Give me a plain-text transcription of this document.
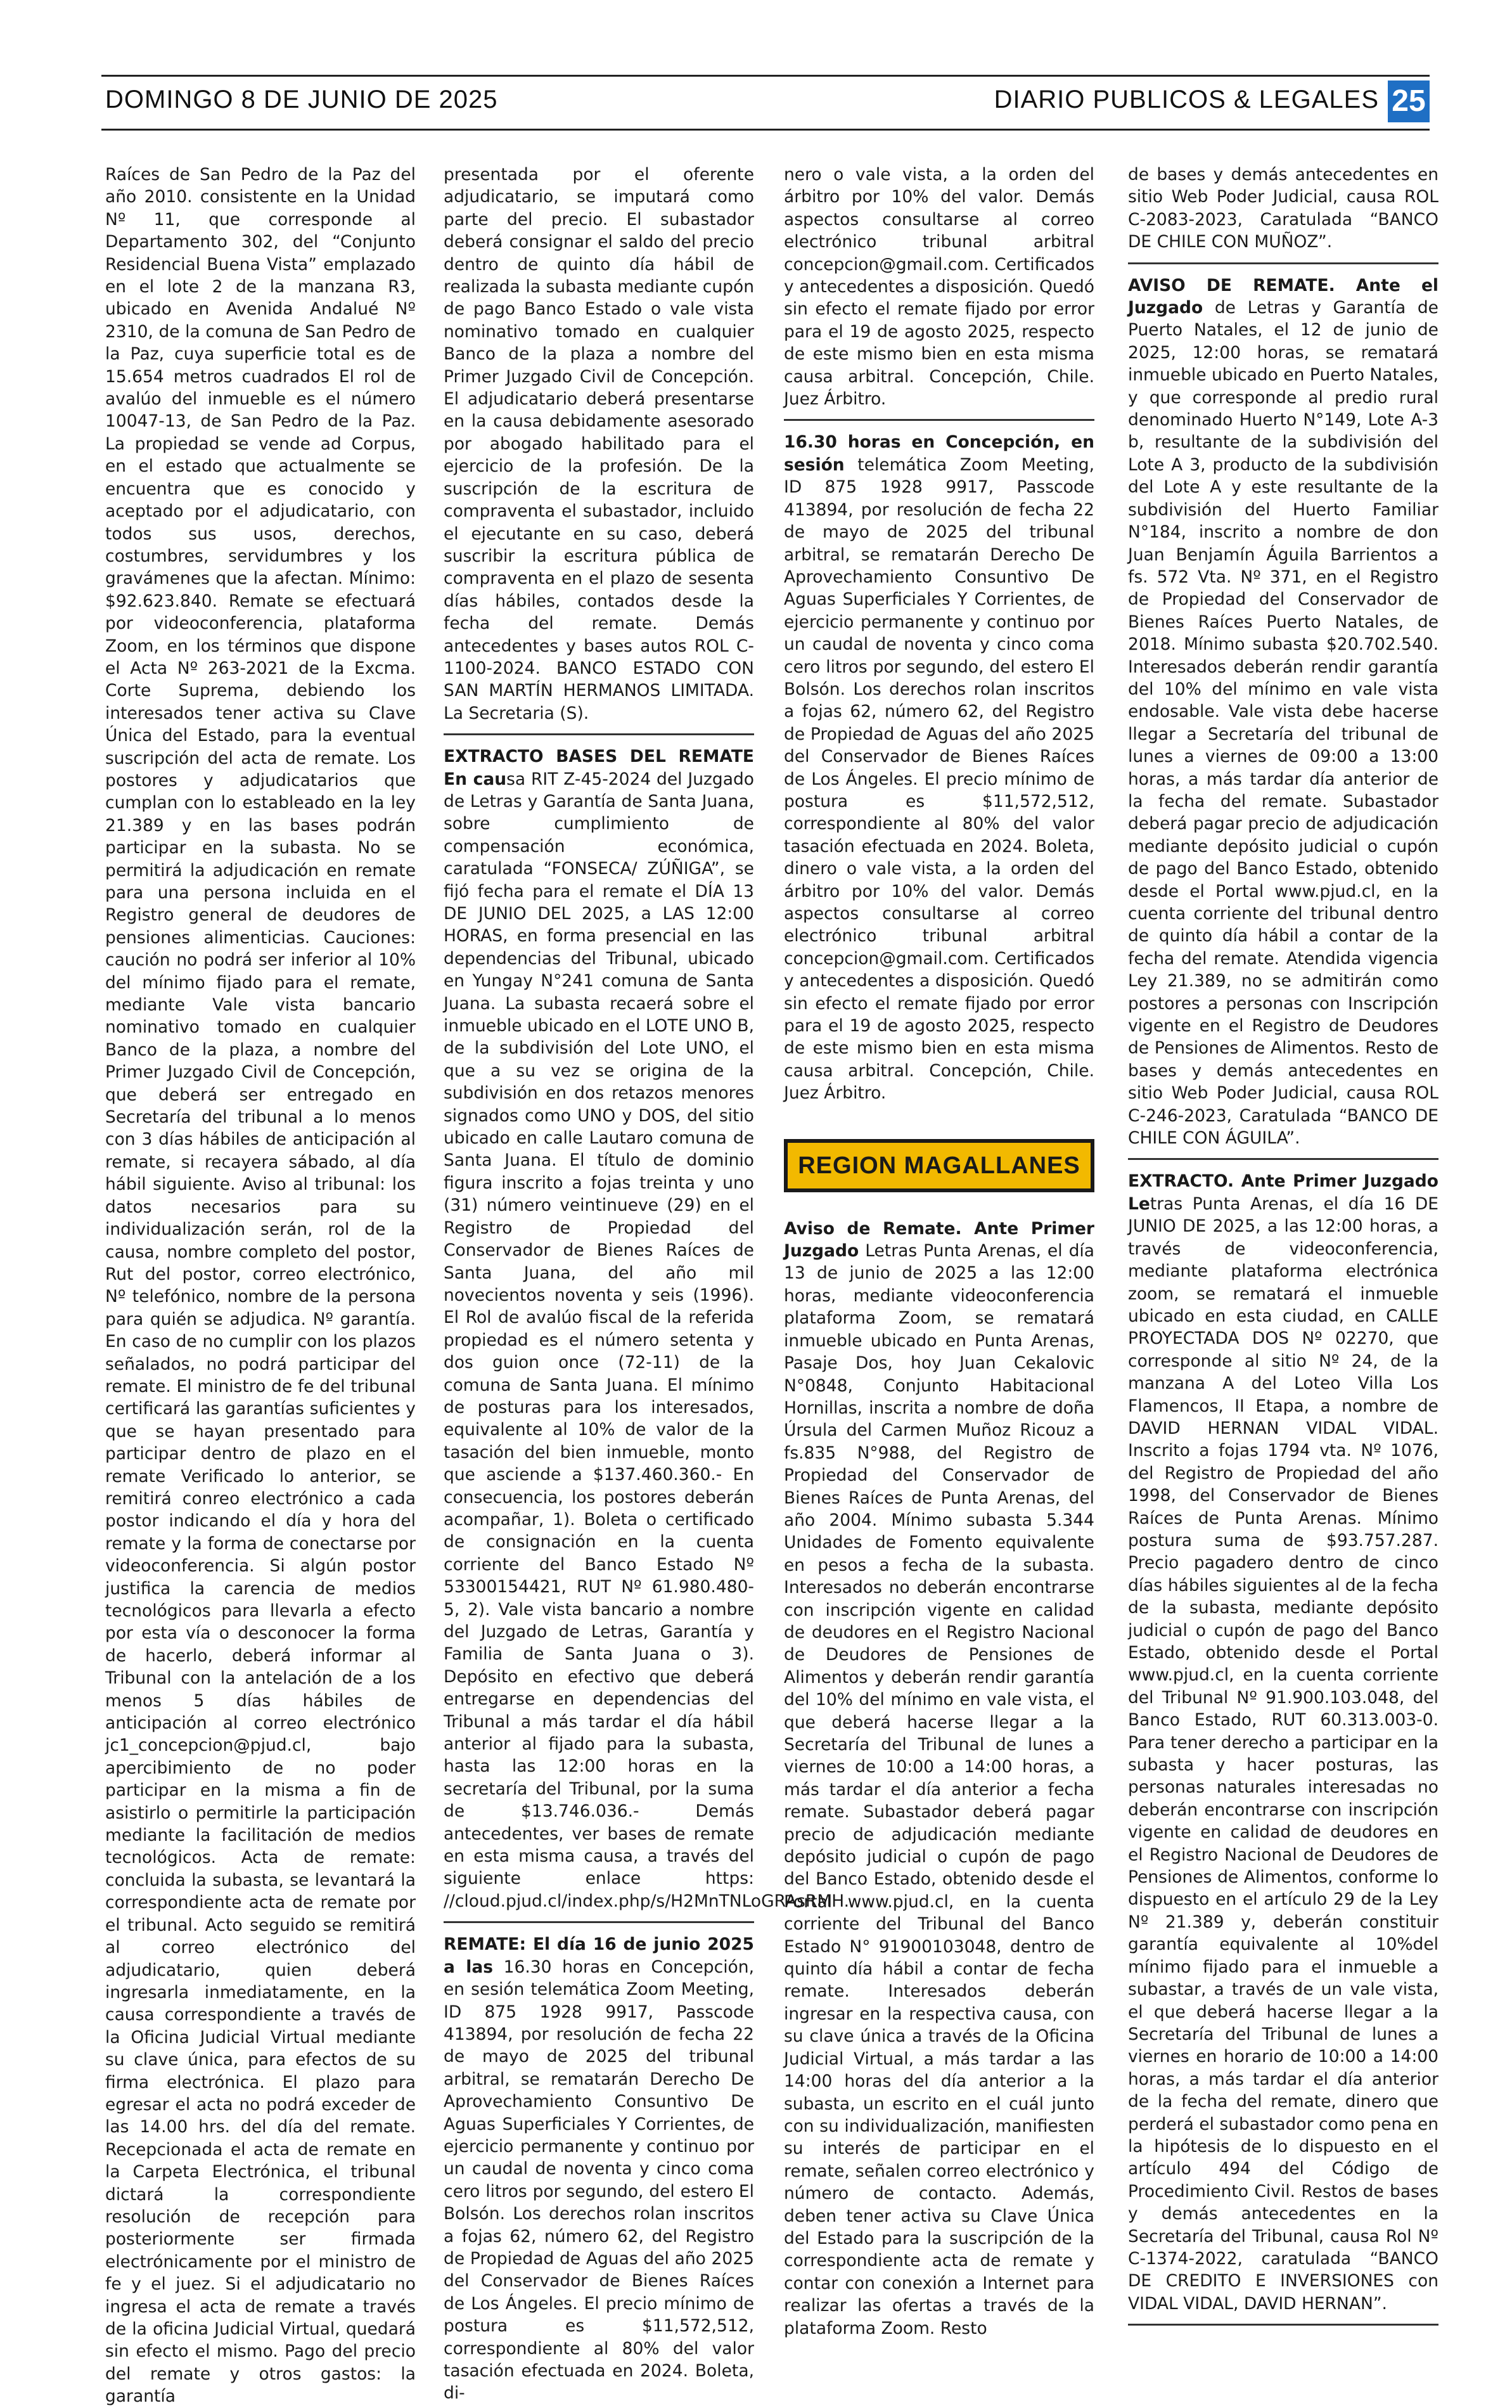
DOMINGO 8 DE JUNIO DE 2025	DIARIO PUBLICOS & LEGALES 25

Raíces de San Pedro de la Paz del año 2010. consistente en la Unidad Nº 11, que corresponde al Departamento 302, del “Conjunto Residencial Buena Vista” emplazado en el lote 2 de la manzana R3, ubicado en Avenida Andalué Nº 2310, de la comuna de San Pedro de la Paz, cuya superficie total es de 15.654 metros cuadrados El rol de avalúo del inmueble es el número 10047-13, de San Pedro de la Paz. La propiedad se vende ad Corpus, en el estado que actualmente se encuentra que es conocido y aceptado por el adjudicatario, con todos sus usos, derechos, costumbres, servidumbres y los gravámenes que la afectan. Mínimo: $92.623.840. Remate se efectuará por videoconferencia, plataforma Zoom, en los términos que dispone el Acta Nº 263-2021 de la Excma. Corte Suprema, debiendo los interesados tener activa su Clave Única del Estado, para la eventual suscripción del acta de remate. Los postores y adjudicatarios que cumplan con lo estableado en la ley 21.389 y en las bases podrán participar en la subasta. No se permitirá la adjudicación en remate para una persona incluida en el Registro general de deudores de pensiones alimenticias. Cauciones: caución no podrá ser inferior al 10% del mínimo fijado para el remate, mediante Vale vista bancario nominativo tomado en cualquier Banco de la plaza, a nombre del Primer Juzgado Civil de Concepción, que deberá ser entregado en Secretaría del tribunal a lo menos con 3 días hábiles de anticipación al remate, si recayera sábado, al día hábil siguiente. Aviso al tribunal: los datos necesarios para su individualización serán, rol de la causa, nombre completo del postor, Rut del postor, correo electrónico, Nº telefónico, nombre de la persona para quién se adjudica. Nº garantía. En caso de no cumplir con los plazos señalados, no podrá participar del remate. El ministro de fe del tribunal certificará las garantías suficientes y que se hayan presentado para participar dentro de plazo en el remate Verificado lo anterior, se remitirá conreo electrónico a cada postor indicando el día y hora del remate y la forma de conectarse por videoconferencia. Si algún postor justifica la carencia de medios tecnológicos para llevarla a efecto por esta vía o desconocer la forma de hacerlo, deberá informar al Tribunal con la antelación de a los menos 5 días hábiles de anticipación al correo electrónico jc1_concepcion@pjud.cl, bajo apercibimiento de no poder participar en la misma a fin de asistirlo o permitirle la participación mediante la facilitación de medios tecnológicos. Acta de remate: concluida la subasta, se levantará la correspondiente acta de remate por el tribunal. Acto seguido se remitirá al correo electrónico del adjudicatario, quien deberá ingresarla inmediatamente, en la causa correspondiente a través de la Oficina Judicial Virtual mediante su clave única, para efectos de su firma electrónica. El plazo para egresar el acta no podrá exceder de las 14.00 hrs. del día del remate. Recepcionada el acta de remate en la Carpeta Electrónica, el tribunal dictará la correspondiente resolución de recepción para posteriormente ser firmada electrónicamente por el ministro de fe y el juez. Si el adjudicatario no ingresa el acta de remate a través de la oficina Judicial Virtual, quedará sin efecto el mismo. Pago del precio del remate y otros gastos: la garantía

presentada por el oferente adjudicatario, se imputará como parte del precio. El subastador deberá consignar el saldo del precio dentro de quinto día hábil de realizada la subasta mediante cupón de pago Banco Estado o vale vista nominativo tomado en cualquier Banco de la plaza a nombre del Primer Juzgado Civil de Concepción. El adjudicatario deberá presentarse en la causa debidamente asesorado por abogado habilitado para el ejercicio de la profesión. De la suscripción de la escritura de compraventa el subastador, incluido el ejecutante en su caso, deberá suscribir la escritura pública de compraventa en el plazo de sesenta días hábiles, contados desde la fecha del remate. Demás antecedentes y bases autos ROL C-1100-2024. BANCO ESTADO CON SAN MARTÍN HERMANOS LIMITADA. La Secretaria (S).

EXTRACTO BASES DEL REMATE En causa RIT Z-45-2024 del Juzgado de Letras y Garantía de Santa Juana, sobre cumplimiento de compensación económica, caratulada “FONSECA/ ZÚÑIGA”, se fijó fecha para el remate el DÍA 13 DE JUNIO DEL 2025, a LAS 12:00 HORAS, en forma presencial en las dependencias del Tribunal, ubicado en Yungay N°241 comuna de Santa Juana. La subasta recaerá sobre el inmueble ubicado en el LOTE UNO B, de la subdivisión del Lote UNO, el que a su vez se origina de la subdivisión en dos retazos menores signados como UNO y DOS, del sitio ubicado en calle Lautaro comuna de Santa Juana. El título de dominio figura inscrito a fojas treinta y uno (31) número veintinueve (29) en el Registro de Propiedad del Conservador de Bienes Raíces de Santa Juana, del año mil novecientos noventa y seis (1996). El Rol de avalúo fiscal de la referida propiedad es el número setenta y dos guion once (72-11) de la comuna de Santa Juana. El mínimo de posturas para los interesados, equivalente al 10% de valor de la tasación del bien inmueble, monto que asciende a $137.460.360.- En consecuencia, los postores deberán acompañar, 1). Boleta o certificado de consignación en la cuenta corriente del Banco Estado Nº 53300154421, RUT Nº 61.980.480-5, 2). Vale vista bancario a nombre del Juzgado de Letras, Garantía y Familia de Santa Juana o 3). Depósito en efectivo que deberá entregarse en dependencias del Tribunal a más tardar el día hábil anterior al fijado para la subasta, hasta las 12:00 horas en la secretaría del Tribunal, por la suma de $13.746.036.- Demás antecedentes, ver bases de remate en esta misma causa, a través del siguiente enlace https: //cloud.pjud.cl/index.php/s/H2MnTNLoGRAsRMH.

REMATE: El día 16 de junio 2025 a las 16.30 horas en Concepción, en sesión telemática Zoom Meeting, ID 875 1928 9917, Passcode 413894, por resolución de fecha 22 de mayo de 2025 del tribunal arbitral, se rematarán Derecho De Aprovechamiento Consuntivo De Aguas Superficiales Y Corrientes, de ejercicio permanente y continuo por un caudal de noventa y cinco coma cero litros por segundo, del estero El Bolsón. Los derechos rolan inscritos a fojas 62, número 62, del Registro de Propiedad de Aguas del año 2025 del Conservador de Bienes Raíces de Los Ángeles. El precio mínimo de postura es $11,572,512, correspondiente al 80% del valor tasación efectuada en 2024. Boleta, di-

nero o vale vista, a la orden del árbitro por 10% del valor. Demás aspectos consultarse al correo electrónico tribunal arbitral concepcion@gmail.com. Certificados y antecedentes a disposición. Quedó sin efecto el remate fijado por error para el 19 de agosto 2025, respecto de este mismo bien en esta misma causa arbitral. Concepción, Chile. Juez Árbitro.

16.30 horas en Concepción, en sesión telemática Zoom Meeting, ID 875 1928 9917, Passcode 413894, por resolución de fecha 22 de mayo de 2025 del tribunal arbitral, se rematarán Derecho De Aprovechamiento Consuntivo De Aguas Superficiales Y Corrientes, de ejercicio permanente y continuo por un caudal de noventa y cinco coma cero litros por segundo, del estero El Bolsón. Los derechos rolan inscritos a fojas 62, número 62, del Registro de Propiedad de Aguas del año 2025 del Conservador de Bienes Raíces de Los Ángeles. El precio mínimo de postura es $11,572,512, correspondiente al 80% del valor tasación efectuada en 2024. Boleta, dinero o vale vista, a la orden del árbitro por 10% del valor. Demás aspectos consultarse al correo electrónico tribunal arbitral concepcion@gmail.com. Certificados y antecedentes a disposición. Quedó sin efecto el remate fijado por error para el 19 de agosto 2025, respecto de este mismo bien en esta misma causa arbitral. Concepción, Chile. Juez Árbitro.

REGION MAGALLANES

Aviso de Remate. Ante Primer Juzgado Letras Punta Arenas, el día 13 de junio de 2025 a las 12:00 horas, mediante videoconferencia plataforma Zoom, se rematará inmueble ubicado en Punta Arenas, Pasaje Dos, hoy Juan Cekalovic N°0848, Conjunto Habitacional Hornillas, inscrita a nombre de doña Úrsula del Carmen Muñoz Ricouz a fs.835 N°988, del Registro de Propiedad del Conservador de Bienes Raíces de Punta Arenas, del año 2004. Mínimo subasta 5.344 Unidades de Fomento equivalente en pesos a fecha de la subasta. Interesados no deberán encontrarse con inscripción vigente en calidad de deudores en el Registro Nacional de Deudores de Pensiones de Alimentos y deberán rendir garantía del 10% del mínimo en vale vista, el que deberá hacerse llegar a la Secretaría del Tribunal de lunes a viernes de 10:00 a 14:00 horas, a más tardar el día anterior a fecha remate. Subastador deberá pagar precio de adjudicación mediante depósito judicial o cupón de pago del Banco Estado, obtenido desde el Portal www.pjud.cl, en la cuenta corriente del Tribunal del Banco Estado N° 91900103048, dentro de quinto día hábil a contar de fecha remate. Interesados deberán ingresar en la respectiva causa, con su clave única a través de la Oficina Judicial Virtual, a más tardar a las 14:00 horas del día anterior a la subasta, un escrito en el cuál junto con su individualización, manifiesten su interés de participar en el remate, señalen correo electrónico y número de contacto. Además, deben tener activa su Clave Única del Estado para la suscripción de la correspondiente acta de remate y contar con conexión a Internet para realizar las ofertas a través de la plataforma Zoom. Resto

de bases y demás antecedentes en sitio Web Poder Judicial, causa ROL C-2083-2023, Caratulada “BANCO DE CHILE CON MUÑOZ”.

AVISO DE REMATE. Ante el Juzgado de Letras y Garantía de Puerto Natales, el 12 de junio de 2025, 12:00 horas, se rematará inmueble ubicado en Puerto Natales, y que corresponde al predio rural denominado Huerto N°149, Lote A-3 b, resultante de la subdivisión del Lote A 3, producto de la subdivisión del Lote A y este resultante de la subdivisión del Huerto Familiar N°184, inscrito a nombre de don Juan Benjamín Águila Barrientos a fs. 572 Vta. Nº 371, en el Registro de Propiedad del Conservador de Bienes Raíces Puerto Natales, de 2018. Mínimo subasta $20.702.540. Interesados deberán rendir garantía del 10% del mínimo en vale vista endosable. Vale vista debe hacerse llegar a Secretaría del tribunal de lunes a viernes de 09:00 a 13:00 horas, a más tardar día anterior de la fecha del remate. Subastador deberá pagar precio de adjudicación mediante depósito judicial o cupón de pago del Banco Estado, obtenido desde el Portal www.pjud.cl, en la cuenta corriente del tribunal dentro de quinto día hábil a contar de la fecha del remate. Atendida vigencia Ley 21.389, no se admitirán como postores a personas con Inscripción vigente en el Registro de Deudores de Pensiones de Alimentos. Resto de bases y demás antecedentes en sitio Web Poder Judicial, causa ROL C-246-2023, Caratulada “BANCO DE CHILE CON ÁGUILA”.

EXTRACTO. Ante Primer Juzgado Letras Punta Arenas, el día 16 DE JUNIO DE 2025, a las 12:00 horas, a través de videoconferencia, mediante plataforma electrónica zoom, se rematará el inmueble ubicado en esta ciudad, en CALLE PROYECTADA DOS Nº 02270, que corresponde al sitio Nº 24, de la manzana A del Loteo Villa Los Flamencos, II Etapa, a nombre de DAVID HERNAN VIDAL VIDAL. Inscrito a fojas 1794 vta. Nº 1076, del Registro de Propiedad del año 1998, del Conservador de Bienes Raíces de Punta Arenas. Mínimo postura suma de $93.757.287. Precio pagadero dentro de cinco días hábiles siguientes al de la fecha de la subasta, mediante depósito judicial o cupón de pago del Banco Estado, obtenido desde el Portal www.pjud.cl, en la cuenta corriente del Tribunal Nº 91.900.103.048, del Banco Estado, RUT 60.313.003-0. Para tener derecho a participar en la subasta y hacer posturas, las personas naturales interesadas no deberán encontrarse con inscripción vigente en calidad de deudores en el Registro Nacional de Deudores de Pensiones de Alimentos, conforme lo dispuesto en el artículo 29 de la Ley Nº 21.389 y, deberán constituir garantía equivalente al 10%del mínimo fijado para el inmueble a subastar, a través de un vale vista, el que deberá hacerse llegar a la Secretaría del Tribunal de lunes a viernes en horario de 10:00 a 14:00 horas, a más tardar el día anterior de la fecha del remate, dinero que perderá el subastador como pena en la hipótesis de lo dispuesto en el artículo 494 del Código de Procedimiento Civil. Restos de bases y demás antecedentes en la Secretaría del Tribunal, causa Rol Nº C-1374-2022, caratulada “BANCO DE CREDITO E INVERSIONES con VIDAL VIDAL, DAVID HERNAN”.
